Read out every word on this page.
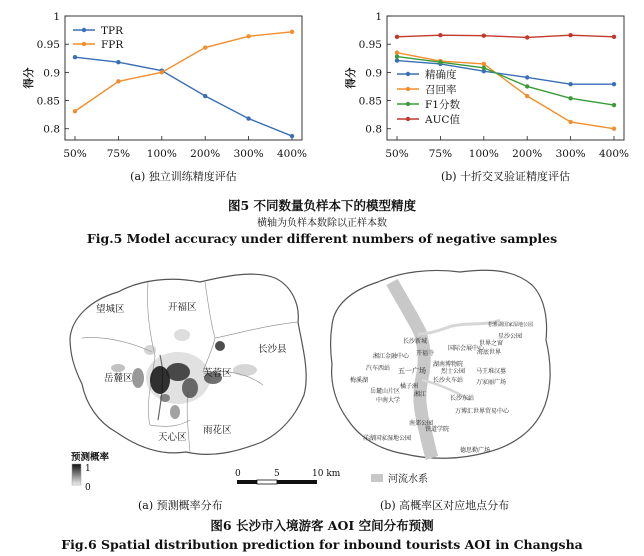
0.8
0.85
0.9
0.95
1
50% 75% 100% 200% 300% 400%
得分
TPR
FPR
(a) 独立训练精度评估
0.8
0.85
0.9
0.95
1
50% 75% 100% 200% 300% 400%
得分	精确度
召回率
F1分数
AUC值
(b) 十折交叉验证精度评估
图5 不同数量负样本下的模型精度
横轴为负样本数除以正样本数
Fig.5 Model accuracy under different numbers of negative samples
望城区	开福区
长沙县
岳麓区	芙蓉区
天心区
雨花区
预测概率
1
0
0	5	10 km
松雅湖国家湿地公园
星沙公园
世界之窗
海底世界
国际会展中心
长沙新城
开福寺
湘江金融中心
汽车西站
梅溪湖
湖南博物院
烈士公园 马王堆汉墓
五一广场
长沙火车站 万家丽广场
岳麓山片区
中南大学
橘子洲
湘江
长沙东站
万博汇世界贸易中心
南郊公园
铁道学院
洋湖国家湿地公园
德思勤广场
河流水系
(a) 预测概率分布	(b) 高概率区对应地点分布
图6 长沙市入境游客 AOI 空间分布预测
Fig.6 Spatial distribution prediction for inbound tourists AOI in Changsha
